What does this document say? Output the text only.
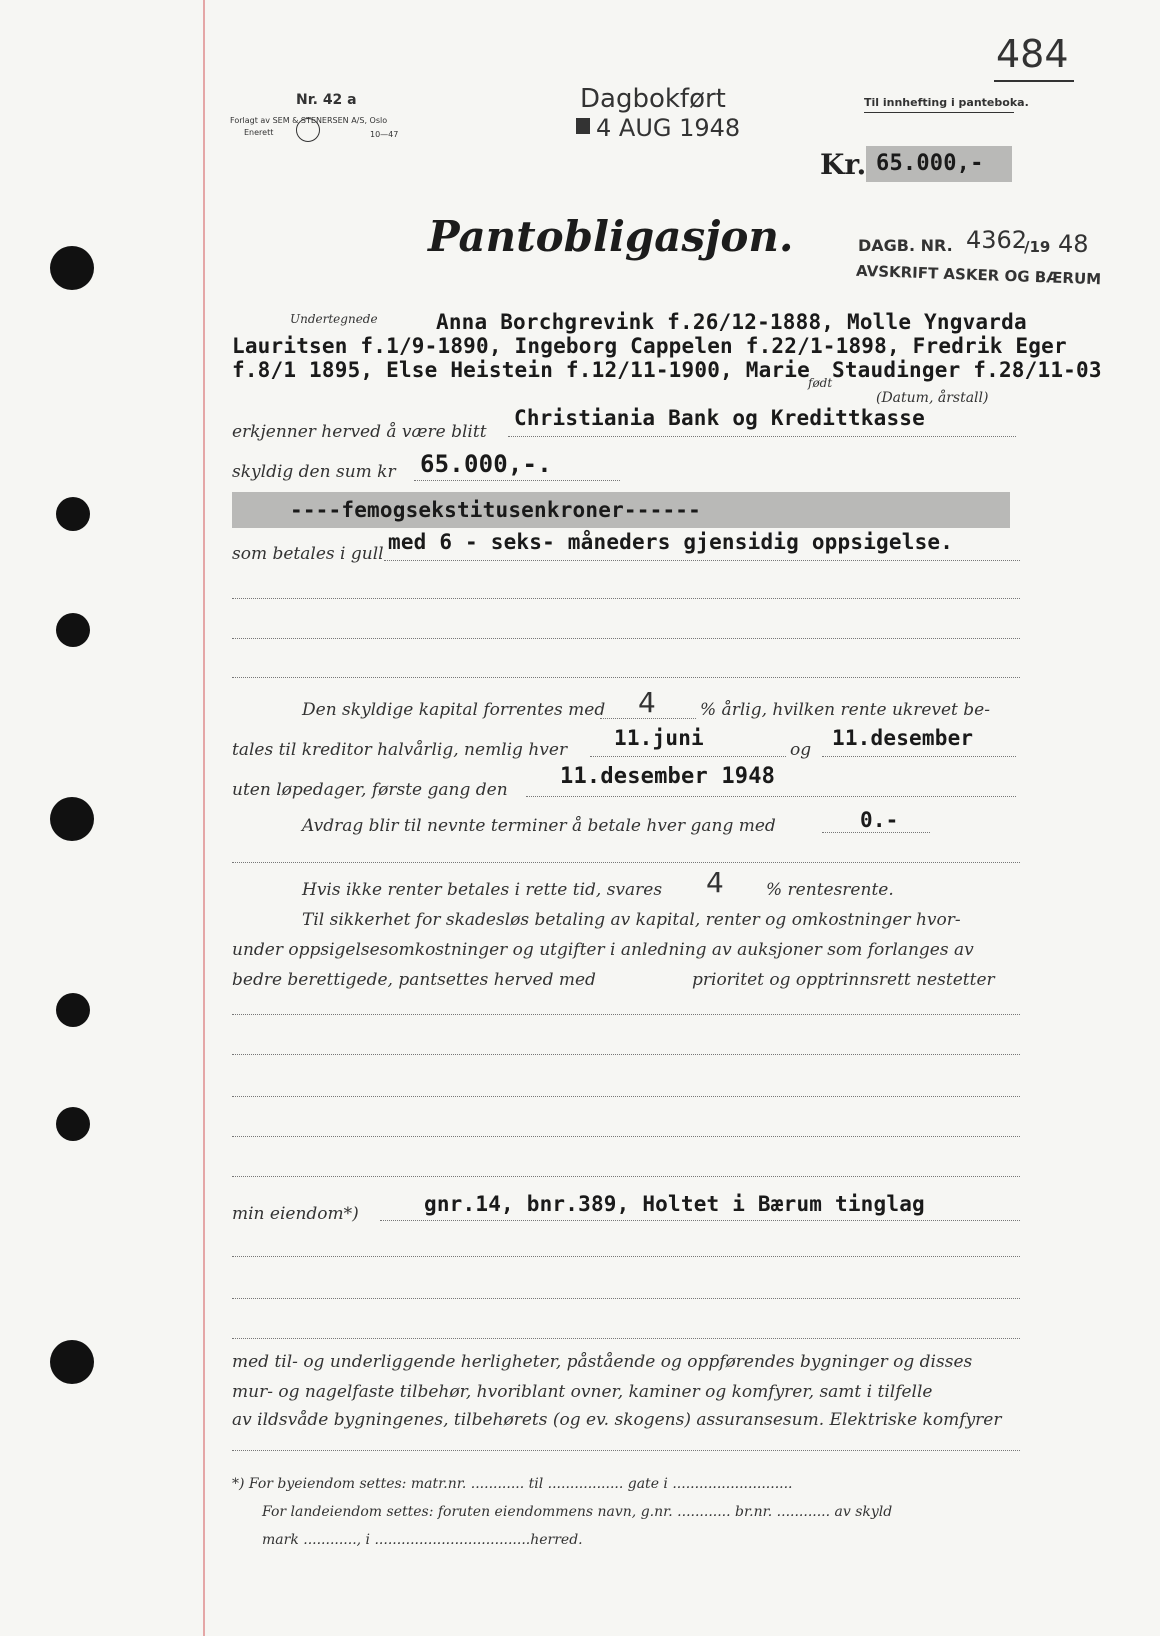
484
Nr. 42 a
Forlagt av SEM & STENERSEN A/S, Oslo
Enerett	10—47
Dagbokført
4 AUG 1948
Til innhefting i panteboka.
Kr. 65.000,-
Pantobligasjon.	DAGB. NR. 4362
/19 48
AVSKRIFT ASKER OG BÆRUM
Undertegnede	Anna Borchgrevink f.26/12-1888, Molle Yngvarda
Lauritsen f.1/9-1890, Ingeborg Cappelen f.22/1-1898, Fredrik Eger
f.8/1 1895, Else Heistein f.12/11-1900, Marie
født
Staudinger f.28/11-03
(Datum, årstall)
erkjenner herved å være blitt
Christiania Bank og Kredittkasse
skyldig den sum kr 65.000,-.
----femogsekstitusenkroner------
som betales i gull med 6 - seks- måneders gjensidig oppsigelse.
Den skyldige kapital forrentes med 4	% årlig, hvilken rente ukrevet be-
tales til kreditor halvårlig, nemlig hver 11.juni	og 11.desember
uten løpedager, første gang den
11.desember 1948
Avdrag blir til nevnte terminer å betale hver gang med	0.-
Hvis ikke renter betales i rette tid, svares 4 % rentesrente.
Til sikkerhet for skadesløs betaling av kapital, renter og omkostninger hvor-
under oppsigelsesomkostninger og utgifter i anledning av auksjoner som forlanges av
bedre berettigede, pantsettes herved med	prioritet og opptrinnsrett nestetter
min eiendom*)	gnr.14, bnr.389, Holtet i Bærum tinglag
med til- og underliggende herligheter, påstående og oppførendes bygninger og disses
mur- og nagelfaste tilbehør, hvoriblant ovner, kaminer og komfyrer, samt i tilfelle
av ildsvåde bygningenes, tilbehørets (og ev. skogens) assuransesum. Elektriske komfyrer
*) For byeiendom settes: matr.nr. ............ til ................. gate i ...........................
For landeiendom settes: foruten eiendommens navn, g.nr. ............ br.nr. ............ av skyld
mark ............, i ...................................herred.
